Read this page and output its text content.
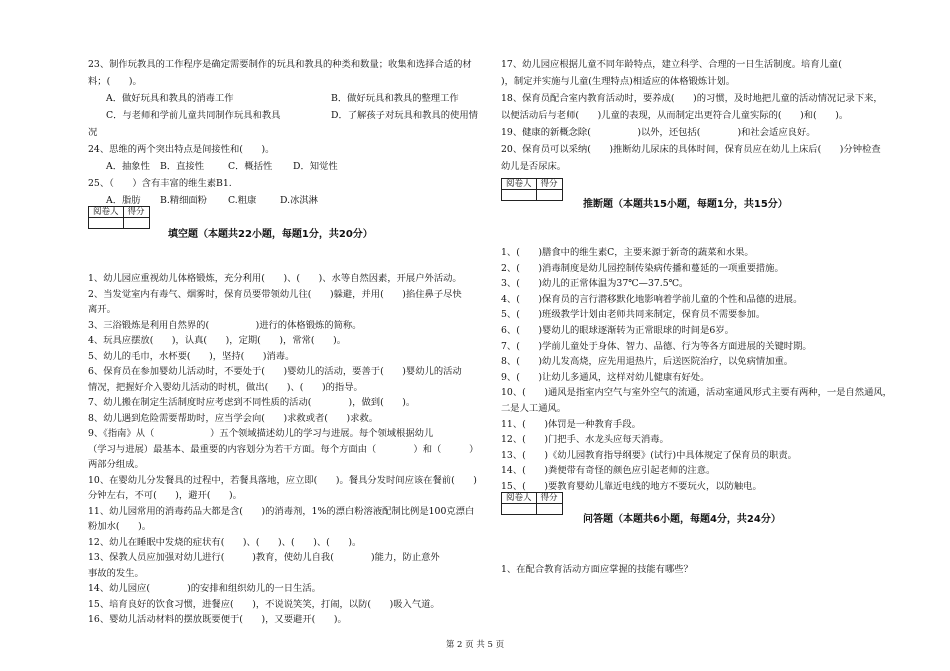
23、制作玩教具的工作程序是确定需要制作的玩具和教具的种类和数量；收集和选择合适的材
料；(　　)。
A．做好玩具和教具的消毒工作	B．做好玩具和教具的整理工作
C．与老师和学前儿童共同制作玩具和教具	D．了解孩子对玩具和教具的使用情
况
24、思维的两个突出特点是间接性和(　　)。
A．抽象性 B．直接性	C．概括性 D．知觉性
25、（　　）含有丰富的维生素B1.
A．脂肪 B.精细面粉 C.粗康	D.冰淇淋
阅卷人	得分

填空题（本题共22小题，每题1分，共20分）
1、幼儿园应重视幼儿体格锻炼，充分利用(　　)、(　　)、水等自然因素，开展户外活动。
2、当发觉室内有毒气、烟雾时，保育员要带领幼儿往(　　)躲避，并用(　　)掐住鼻子尽快
离开。
3、三浴锻炼是利用自然界的(　　　　　)进行的体格锻炼的简称。
4、玩具应摆放(　　)，认真(　　)，定期(　　)，常常(　　)。
5、幼儿的毛巾，水杯要(　　)，坚持(　　)消毒。
6、保育员在参加婴幼儿活动时，不要处于(　　)婴幼儿的活动，要善于(　　)婴幼儿的活动
情况，把握好介入婴幼儿活动的时机，做出(　　)、(　　)的指导。
7、幼儿搬在制定生活制度时应考虑到不同性质的活动(　　　　)，做到(　　)。
8、幼儿遇到危险需要帮助时，应当学会向(　　)求救或者(　　)求救。
9、《指南》从（　　　　　　）五个领域描述幼儿的学习与进展。每个领域根据幼儿
（学习与进展）最基本、最重要的内容划分为若干方面。每个方面由（　　　　）和（　　　）
两部分组成。
10、在婴幼儿分发餐具的过程中，若餐具落地，应立即(　　)。餐具分发时间应该在餐前(　　)
分钟左右，不可(　　)，避开(　　)。
11、幼儿园常用的消毒药品大都是含(　　)的消毒剂，1%的漂白粉溶液配制比例是100克漂白
粉加水(　　)。
12、幼儿在睡眠中发烧的症状有(　　)、(　　)、(　　)、(　　)。
13、保教人员应加强对幼儿进行(　　　)教育，使幼儿自我(　　　　)能力，防止意外
事故的发生。
14、幼儿园应(　　　　)的安排和组织幼儿的一日生活。
15、培育良好的饮食习惯，进餐应(　　)，不说说笑笑，打闹，以防(　　)吸入气道。
16、婴幼儿活动材料的摆放既要便于(　　)，又要避开(　　)。
17、幼儿园应根据儿童不同年龄特点，建立科学、合理的一日生活制度。培育儿童(　　
)，制定并实施与儿童(生理特点)相适应的体格锻炼计划。
18、保育员配合室内教育活动时，要养成(　　)的习惯，及时地把儿童的活动情况记录下来，
以便活动后与老师(　　)儿童的表现，从而制定出更符合儿童实际的(　　)和(　　)。
19、健康的新概念除(　　　　　)以外，还包括(　　　　)和社会适应良好。
20、保育员可以采纳(　　)推断幼儿尿床的具体时间，保育员应在幼儿上床后(　　)分钟检查
幼儿是否尿床。
阅卷人	得分

推断题（本题共15小题，每题1分，共15分）
1、(　　)膳食中的维生素C，主要来源于新奇的蔬菜和水果。
2、(　　)消毒制度是幼儿园控制传染病传播和蔓延的一项重要措施。
3、(　　)幼儿的正常体温为37℃—37.5℃。
4、(　　)保育员的言行潜移默化地影响着学前儿童的个性和品德的进展。
5、(　　)班级教学计划由老师共同来制定，保育员不需要参加。
6、(　　)婴幼儿的眼球逐渐转为正常眼球的时间是6岁。
7、(　　)学前儿童处于身体、智力、品德、行为等各方面进展的关键时期。
8、(　　)幼儿发高烧，应先用退热片，后送医院治疗，以免病情加重。
9、(　　)让幼儿多通风，这样对幼儿健康有好处。
10、(　　)通风是指室内空气与室外空气的流通，活动室通风形式主要有两种，一是自然通风，
二是人工通风。
11、(　　)体罚是一种教育手段。
12、(　　)门把手、水龙头应每天消毒。
13、(　　)《幼儿园教育指导纲要》(试行)中具体规定了保育员的职责。
14、(　　)粪便带有奇怪的颜色应引起老师的注意。
15、(　　)要教育婴幼儿靠近电线的地方不要玩火，以防触电。
阅卷人	得分

问答题（本题共6小题，每题4分，共24分）
1、在配合教育活动方面应掌握的技能有哪些？
第 2 页 共 5 页
